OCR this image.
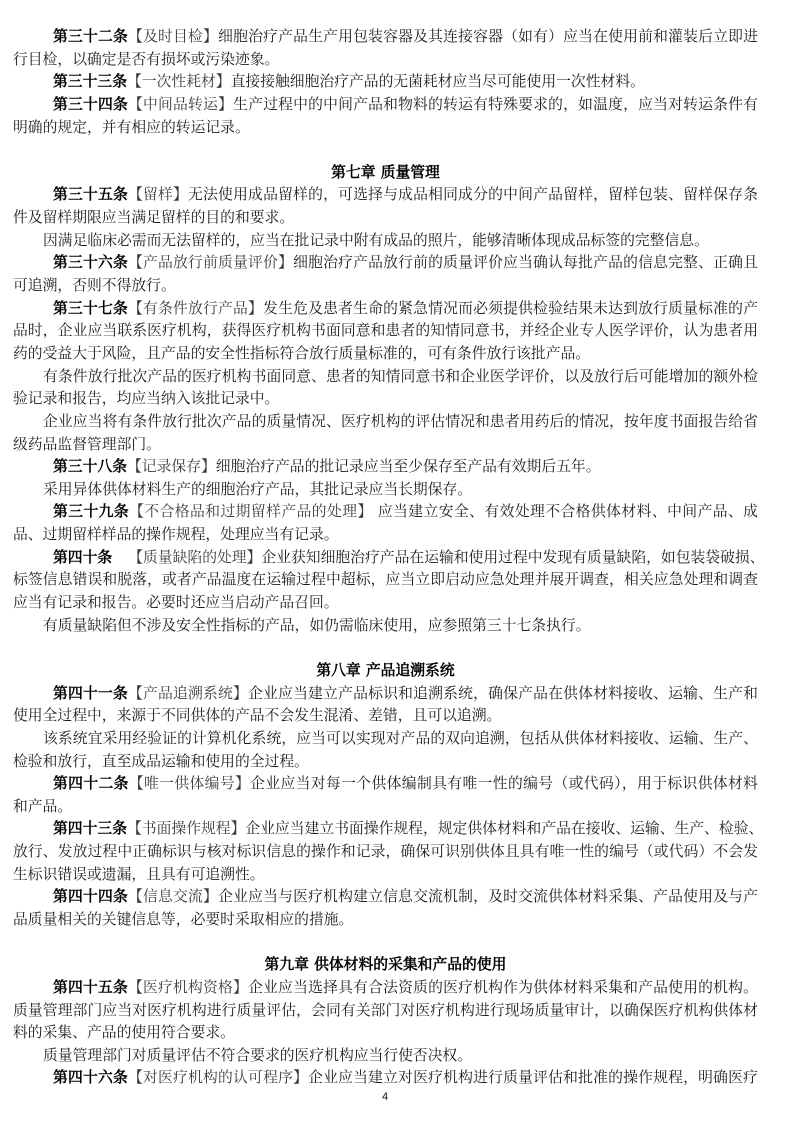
第三十二条【及时目检】细胞治疗产品生产用包装容器及其连接容器（如有）应当在使用前和灌装后立即进
行目检，以确定是否有损坏或污染迹象。
第三十三条【一次性耗材】直接接触细胞治疗产品的无菌耗材应当尽可能使用一次性材料。
第三十四条【中间品转运】生产过程中的中间产品和物料的转运有特殊要求的，如温度，应当对转运条件有
明确的规定，并有相应的转运记录。
第七章 质量管理
第三十五条【留样】无法使用成品留样的，可选择与成品相同成分的中间产品留样，留样包装、留样保存条
件及留样期限应当满足留样的目的和要求。
因满足临床必需而无法留样的，应当在批记录中附有成品的照片，能够清晰体现成品标签的完整信息。
第三十六条【产品放行前质量评价】细胞治疗产品放行前的质量评价应当确认每批产品的信息完整、正确且
可追溯，否则不得放行。
第三十七条【有条件放行产品】发生危及患者生命的紧急情况而必须提供检验结果未达到放行质量标准的产
品时，企业应当联系医疗机构，获得医疗机构书面同意和患者的知情同意书，并经企业专人医学评价，认为患者用
药的受益大于风险，且产品的安全性指标符合放行质量标准的，可有条件放行该批产品。
有条件放行批次产品的医疗机构书面同意、患者的知情同意书和企业医学评价，以及放行后可能增加的额外检
验记录和报告，均应当纳入该批记录中。
企业应当将有条件放行批次产品的质量情况、医疗机构的评估情况和患者用药后的情况，按年度书面报告给省
级药品监督管理部门。
第三十八条【记录保存】细胞治疗产品的批记录应当至少保存至产品有效期后五年。
采用异体供体材料生产的细胞治疗产品，其批记录应当长期保存。
第三十九条【不合格品和过期留样产品的处理】 应当建立安全、有效处理不合格供体材料、中间产品、成
品、过期留样样品的操作规程，处理应当有记录。
第四十条 【质量缺陷的处理】企业获知细胞治疗产品在运输和使用过程中发现有质量缺陷，如包装袋破损、
标签信息错误和脱落，或者产品温度在运输过程中超标，应当立即启动应急处理并展开调查，相关应急处理和调查
应当有记录和报告。必要时还应当启动产品召回。
有质量缺陷但不涉及安全性指标的产品，如仍需临床使用，应参照第三十七条执行。
第八章 产品追溯系统
第四十一条【产品追溯系统】企业应当建立产品标识和追溯系统，确保产品在供体材料接收、运输、生产和
使用全过程中，来源于不同供体的产品不会发生混淆、差错，且可以追溯。
该系统宜采用经验证的计算机化系统，应当可以实现对产品的双向追溯，包括从供体材料接收、运输、生产、
检验和放行，直至成品运输和使用的全过程。
第四十二条【唯一供体编号】企业应当对每一个供体编制具有唯一性的编号（或代码），用于标识供体材料
和产品。
第四十三条【书面操作规程】企业应当建立书面操作规程，规定供体材料和产品在接收、运输、生产、检验、
放行、发放过程中正确标识与核对标识信息的操作和记录，确保可识别供体且具有唯一性的编号（或代码）不会发
生标识错误或遗漏，且具有可追溯性。
第四十四条【信息交流】企业应当与医疗机构建立信息交流机制，及时交流供体材料采集、产品使用及与产
品质量相关的关键信息等，必要时采取相应的措施。
第九章 供体材料的采集和产品的使用
第四十五条【医疗机构资格】企业应当选择具有合法资质的医疗机构作为供体材料采集和产品使用的机构。
质量管理部门应当对医疗机构进行质量评估，会同有关部门对医疗机构进行现场质量审计，以确保医疗机构供体材
料的采集、产品的使用符合要求。
质量管理部门对质量评估不符合要求的医疗机构应当行使否决权。
第四十六条【对医疗机构的认可程序】企业应当建立对医疗机构进行质量评估和批准的操作规程，明确医疗
4
